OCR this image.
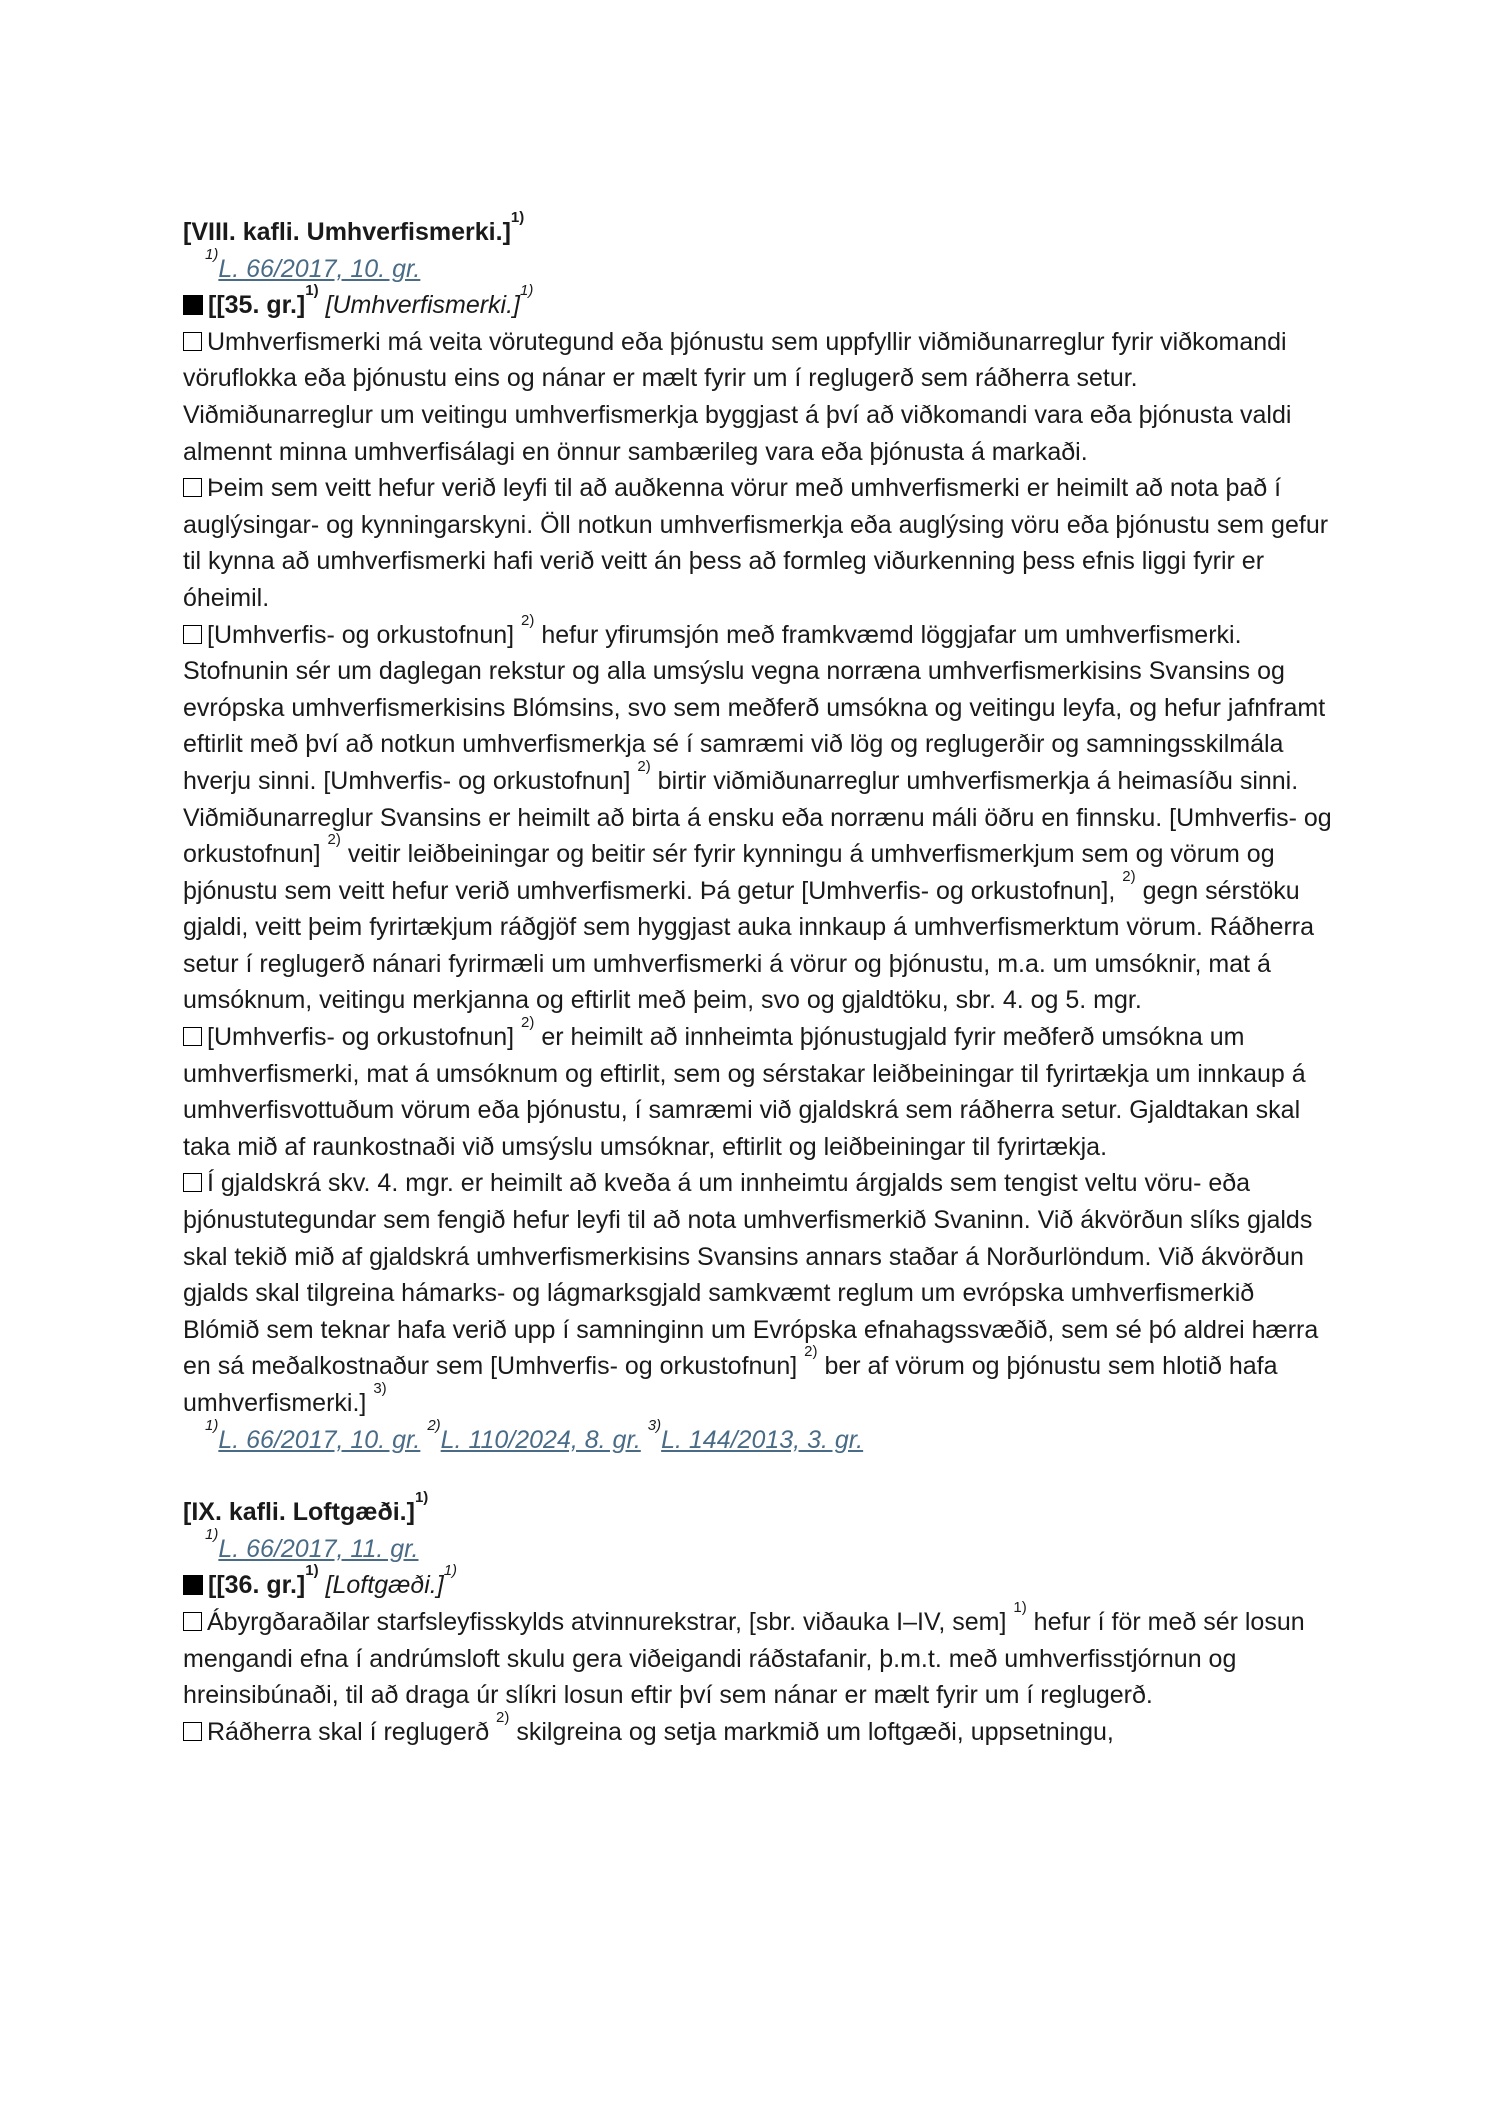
[VIII. kafli. Umhverfismerki.]$^{1)}$

$^{1)}$L. 66/2017, 10. gr.

[[35. gr.]$^{1)}$ [Umhverfismerki.]$^{1)}$

Umhverfismerki má veita vörutegund eða þjónustu sem uppfyllir viðmiðunarreglur fyrir viðkomandi vöruflokka eða þjónustu eins og nánar er mælt fyrir um í reglugerð sem ráðherra setur. Viðmiðunarreglur um veitingu umhverfismerkja byggjast á því að viðkomandi vara eða þjónusta valdi almennt minna umhverfisálagi en önnur sambærileg vara eða þjónusta á markaði.

Þeim sem veitt hefur verið leyfi til að auðkenna vörur með umhverfismerki er heimilt að nota það í auglýsingar- og kynningarskyni. Öll notkun umhverfismerkja eða auglýsing vöru eða þjónustu sem gefur til kynna að umhverfismerki hafi verið veitt án þess að formleg viðurkenning þess efnis liggi fyrir er óheimil.

[Umhverfis- og orkustofnun] $^{2)}$ hefur yfirumsjón með framkvæmd löggjafar um umhverfismerki. Stofnunin sér um daglegan rekstur og alla umsýslu vegna norræna umhverfismerkisins Svansins og evrópska umhverfismerkisins Blómsins, svo sem meðferð umsókna og veitingu leyfa, og hefur jafnframt eftirlit með því að notkun umhverfismerkja sé í samræmi við lög og reglugerðir og samningsskilmála hverju sinni. [Umhverfis- og orkustofnun] $^{2)}$ birtir viðmiðunarreglur umhverfismerkja á heimasíðu sinni. Viðmiðunarreglur Svansins er heimilt að birta á ensku eða norrænu máli öðru en finnsku. [Umhverfis- og orkustofnun] $^{2)}$ veitir leiðbeiningar og beitir sér fyrir kynningu á umhverfismerkjum sem og vörum og þjónustu sem veitt hefur verið umhverfismerki. Þá getur [Umhverfis- og orkustofnun], $^{2)}$ gegn sérstöku gjaldi, veitt þeim fyrirtækjum ráðgjöf sem hyggjast auka innkaup á umhverfismerktum vörum. Ráðherra setur í reglugerð nánari fyrirmæli um umhverfismerki á vörur og þjónustu, m.a. um umsóknir, mat á umsóknum, veitingu merkjanna og eftirlit með þeim, svo og gjaldtöku, sbr. 4. og 5. mgr.

[Umhverfis- og orkustofnun] $^{2)}$ er heimilt að innheimta þjónustugjald fyrir meðferð umsókna um umhverfismerki, mat á umsóknum og eftirlit, sem og sérstakar leiðbeiningar til fyrirtækja um innkaup á umhverfisvottuðum vörum eða þjónustu, í samræmi við gjaldskrá sem ráðherra setur. Gjaldtakan skal taka mið af raunkostnaði við umsýslu umsóknar, eftirlit og leiðbeiningar til fyrirtækja.

Í gjaldskrá skv. 4. mgr. er heimilt að kveða á um innheimtu árgjalds sem tengist veltu vöru- eða þjónustutegundar sem fengið hefur leyfi til að nota umhverfismerkið Svaninn. Við ákvörðun slíks gjalds skal tekið mið af gjaldskrá umhverfismerkisins Svansins annars staðar á Norðurlöndum. Við ákvörðun gjalds skal tilgreina hámarks- og lágmarksgjald samkvæmt reglum um evrópska umhverfismerkið Blómið sem teknar hafa verið upp í samninginn um Evrópska efnahagssvæðið, sem sé þó aldrei hærra en sá meðalkostnaður sem [Umhverfis- og orkustofnun] $^{2)}$ ber af vörum og þjónustu sem hlotið hafa umhverfismerki.] $^{3)}$

$^{1)}$L. 66/2017, 10. gr. $^{2)}$L. 110/2024, 8. gr. $^{3)}$L. 144/2013, 3. gr.

[IX. kafli. Loftgæði.]$^{1)}$

$^{1)}$L. 66/2017, 11. gr.

[[36. gr.]$^{1)}$ [Loftgæði.]$^{1)}$

Ábyrgðaraðilar starfsleyfisskylds atvinnurekstrar, [sbr. viðauka I–IV, sem] $^{1)}$ hefur í för með sér losun mengandi efna í andrúmsloft skulu gera viðeigandi ráðstafanir, þ.m.t. með umhverfisstjórnun og hreinsibúnaði, til að draga úr slíkri losun eftir því sem nánar er mælt fyrir um í reglugerð.

Ráðherra skal í reglugerð $^{2)}$ skilgreina og setja markmið um loftgæði, uppsetningu,
